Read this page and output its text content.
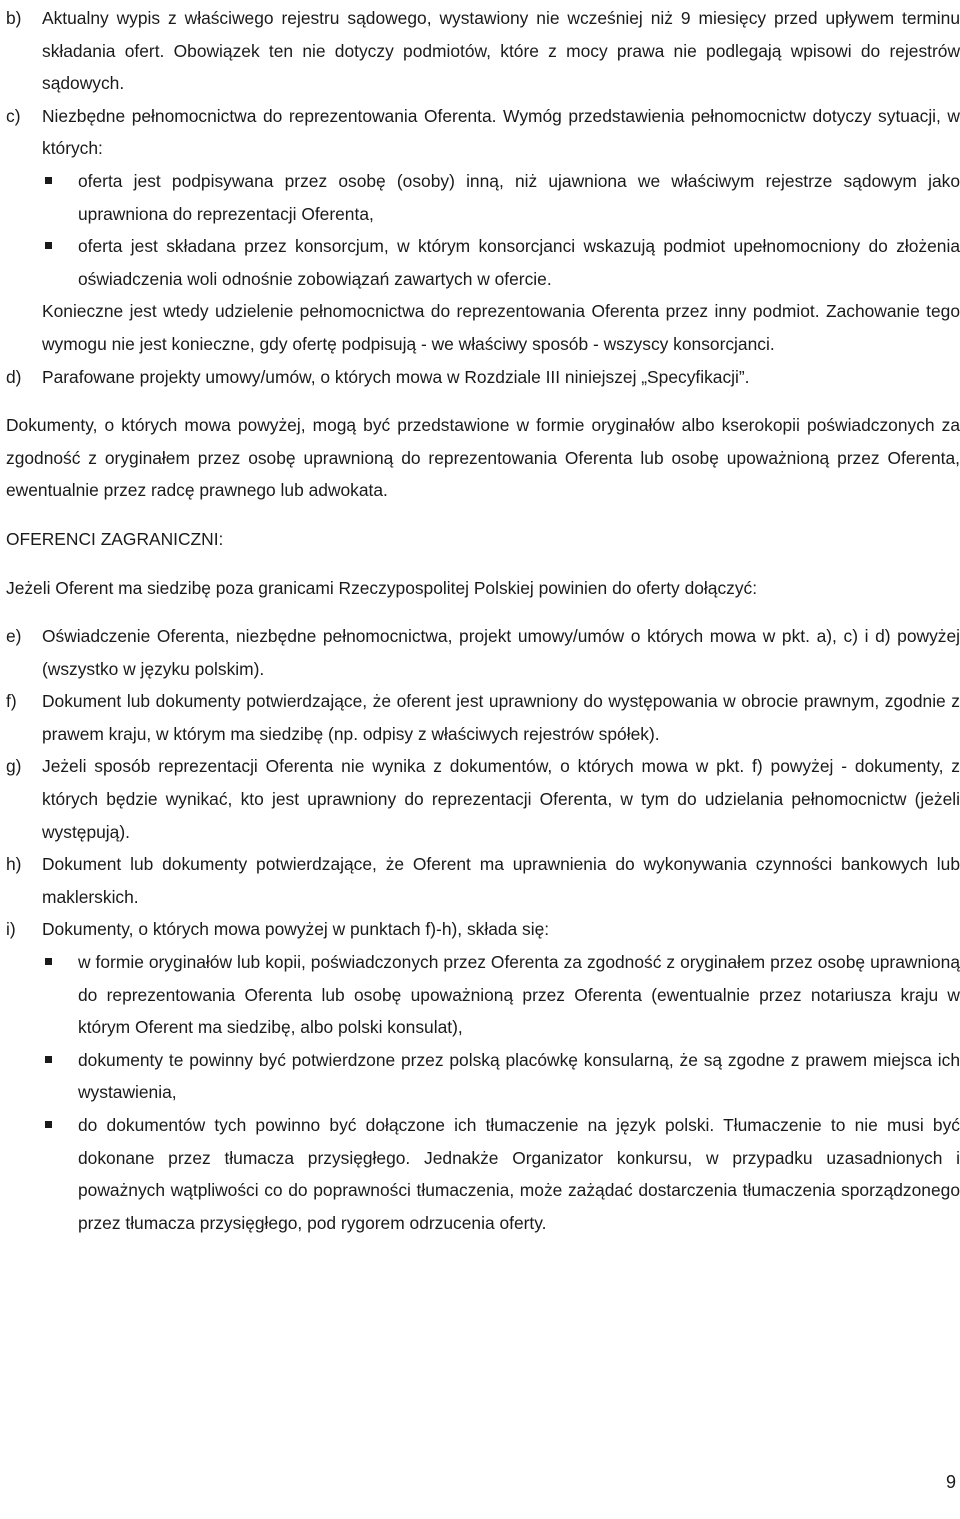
b)	Aktualny wypis z właściwego rejestru sądowego, wystawiony nie wcześniej niż 9 miesięcy przed upływem terminu składania ofert. Obowiązek ten nie dotyczy podmiotów, które z mocy prawa nie podlegają wpisowi do rejestrów sądowych.
c)	Niezbędne pełnomocnictwa do reprezentowania Oferenta. Wymóg przedstawienia pełnomocnictw dotyczy sytuacji, w których:
oferta jest podpisywana przez osobę (osoby) inną, niż ujawniona we właściwym rejestrze sądowym jako uprawniona do reprezentacji Oferenta,
oferta jest składana przez konsorcjum, w którym konsorcjanci wskazują podmiot upełnomocniony do złożenia oświadczenia woli odnośnie zobowiązań zawartych w ofercie.
Konieczne jest wtedy udzielenie pełnomocnictwa do reprezentowania Oferenta przez inny podmiot. Zachowanie tego wymogu nie jest konieczne, gdy ofertę podpisują - we właściwy sposób - wszyscy konsorcjanci.
d)	Parafowane projekty umowy/umów, o których mowa w Rozdziale III niniejszej „Specyfikacji”.
Dokumenty, o których mowa powyżej, mogą być przedstawione w formie oryginałów albo kserokopii poświadczonych za zgodność z oryginałem przez osobę uprawnioną do reprezentowania Oferenta lub osobę upoważnioną przez Oferenta, ewentualnie przez radcę prawnego lub adwokata.
OFERENCI ZAGRANICZNI:
Jeżeli Oferent ma siedzibę poza granicami Rzeczypospolitej Polskiej powinien do oferty dołączyć:
e)	Oświadczenie Oferenta, niezbędne pełnomocnictwa, projekt umowy/umów o których mowa w pkt. a), c) i d) powyżej (wszystko w języku polskim).
f)	Dokument lub dokumenty potwierdzające, że oferent jest uprawniony do występowania w obrocie prawnym, zgodnie z prawem kraju, w którym ma siedzibę (np. odpisy z właściwych rejestrów spółek).
g)	Jeżeli sposób reprezentacji Oferenta nie wynika z dokumentów, o których mowa w pkt. f) powyżej - dokumenty, z których będzie wynikać, kto jest uprawniony do reprezentacji Oferenta, w tym do udzielania pełnomocnictw (jeżeli występują).
h)	Dokument lub dokumenty potwierdzające, że Oferent ma uprawnienia do wykonywania czynności bankowych lub maklerskich.
i)	Dokumenty, o których mowa powyżej w punktach f)-h), składa się:
w formie oryginałów lub kopii, poświadczonych przez Oferenta za zgodność z oryginałem przez osobę uprawnioną do reprezentowania Oferenta lub osobę upoważnioną przez Oferenta (ewentualnie przez notariusza kraju w którym Oferent ma siedzibę, albo polski konsulat),
dokumenty te powinny być potwierdzone przez polską placówkę konsularną, że są zgodne z prawem miejsca ich wystawienia,
do dokumentów tych powinno być dołączone ich tłumaczenie na język polski. Tłumaczenie to nie musi być dokonane przez tłumacza przysięgłego. Jednakże Organizator konkursu, w przypadku uzasadnionych i poważnych wątpliwości co do poprawności tłumaczenia, może zażądać dostarczenia tłumaczenia sporządzonego przez tłumacza przysięgłego, pod rygorem odrzucenia oferty.
9
